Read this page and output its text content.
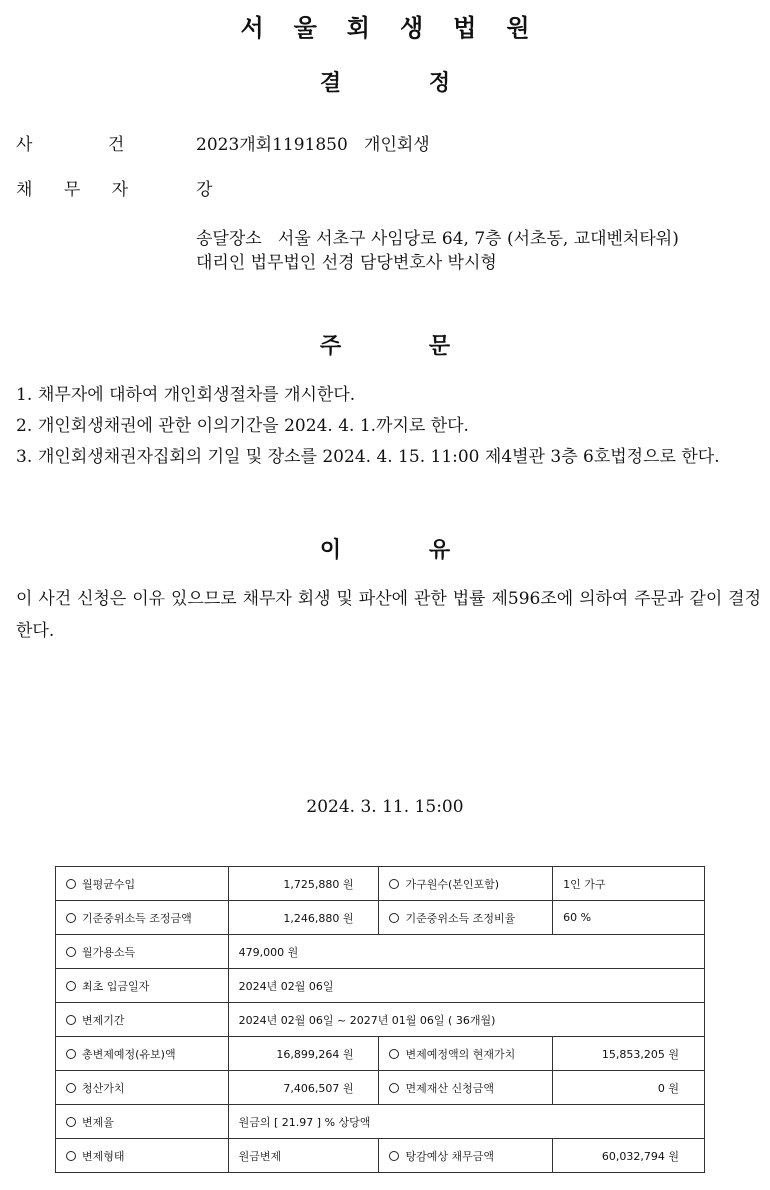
서울회생법원
결 정
사 건	2023개회1191850   개인회생
채 무 자	강
송달장소   서울 서초구 사임당로 64, 7층 (서초동, 교대벤처타워)
대리인 법무법인 선경 담당변호사 박시형
주 문
1. 채무자에 대하여 개인회생절차를 개시한다.
2. 개인회생채권에 관한 이의기간을 2024. 4. 1.까지로 한다.
3. 개인회생채권자집회의 기일 및 장소를 2024. 4. 15. 11:00 제4별관 3층 6호법정으로 한다.
이 유
이 사건 신청은 이유 있으므로 채무자 회생 및 파산에 관한 법률 제596조에 의하여 주문과 같이 결정한다.
2024. 3. 11. 15:00
월평균수입	1,725,880 원	가구원수(본인포함)	1인 가구
기준중위소득 조정금액	1,246,880 원	기준중위소득 조정비율	60 %
월가용소득	479,000 원		
최초 입금일자	2024년 02월 06일		
변제기간	2024년 02월 06일 ~ 2027년 01월 06일 ( 36개월)		
총변제예정(유보)액	16,899,264 원	변제예정액의 현재가치	15,853,205 원
청산가치	7,406,507 원	면제재산 신청금액	0 원
변제율	원금의 [ 21.97 ] % 상당액		
변제형태	원금변제	탕감예상 채무금액	60,032,794 원
